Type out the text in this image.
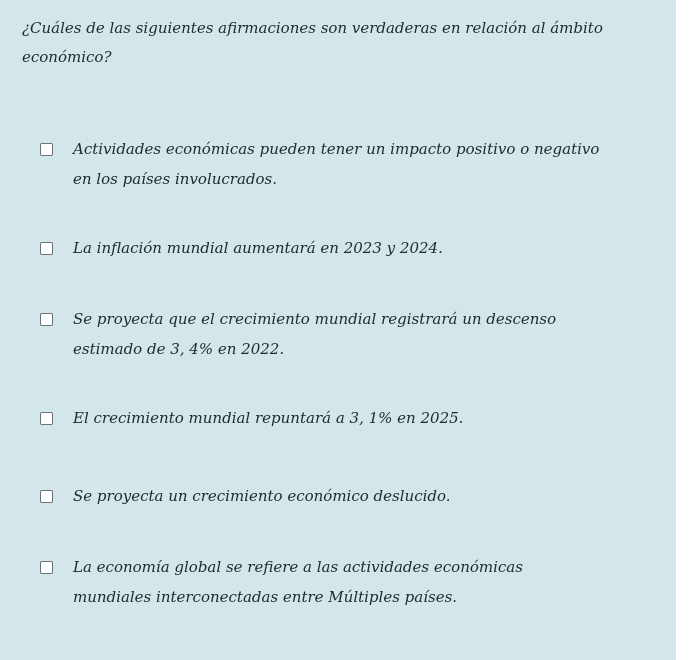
¿Cuáles de las siguientes afirmaciones son verdaderas en relación al ámbito económico?

Actividades económicas pueden tener un impacto positivo o negativo en los países involucrados.
La inflación mundial aumentará en 2023 y 2024.
Se proyecta que el crecimiento mundial registrará un descenso estimado de 3, 4% en 2022.
El crecimiento mundial repuntará a 3, 1% en 2025.
Se proyecta un crecimiento económico deslucido.
La economía global se refiere a las actividades económicas mundiales interconectadas entre Múltiples países.
